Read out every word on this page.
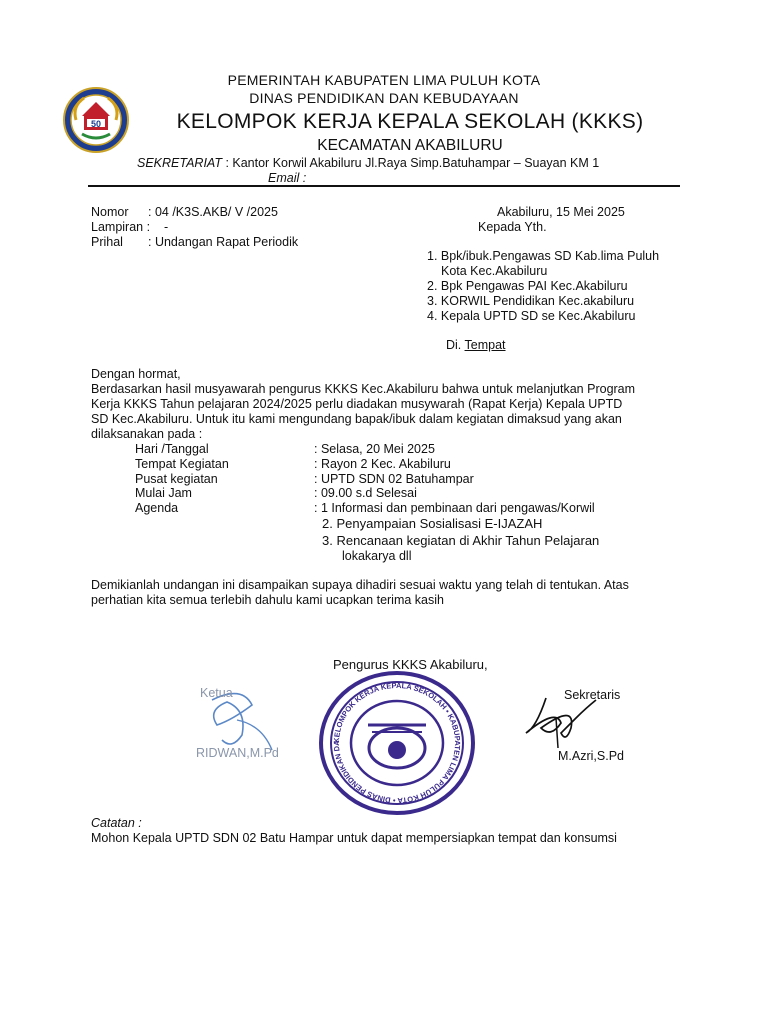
50
PEMERINTAH KABUPATEN LIMA PULUH KOTA
DINAS PENDIDIKAN DAN KEBUDAYAAN
KELOMPOK KERJA KEPALA SEKOLAH (KKKS)
KECAMATAN AKABILURU
SEKRETARIAT : Kantor Korwil Akabiluru Jl.Raya Simp.Batuhampar – Suayan KM 1
Email :
Nomor : 04 /K3S.AKB/ V /2025
Lampiran : -
Prihal : Undangan Rapat Periodik
Akabiluru, 15 Mei 2025
Kepada Yth.
1. Bpk/ibuk.Pengawas SD Kab.lima Puluh
Kota Kec.Akabiluru
2. Bpk Pengawas PAI Kec.Akabiluru
3. KORWIL Pendidikan Kec.akabiluru
4. Kepala UPTD SD se Kec.Akabiluru
Di. Tempat
Dengan hormat,
Berdasarkan hasil musyawarah pengurus KKKS Kec.Akabiluru bahwa untuk melanjutkan Program
Kerja KKKS Tahun pelajaran 2024/2025 perlu diadakan musywarah (Rapat Kerja) Kepala UPTD
SD Kec.Akabiluru. Untuk itu kami mengundang bapak/ibuk dalam kegiatan dimaksud yang akan
dilaksanakan pada :
Hari /Tanggal	: Selasa, 20 Mei 2025
Tempat Kegiatan	: Rayon 2 Kec. Akabiluru
Pusat kegiatan	: UPTD SDN 02 Batuhampar
Mulai Jam	: 09.00 s.d Selesai
Agenda	: 1 Informasi dan pembinaan dari pengawas/Korwil
2. Penyampaian Sosialisasi E-IJAZAH
3. Rencanaan kegiatan di Akhir Tahun Pelajaran
lokakarya dll
Demikianlah undangan ini disampaikan supaya dihadiri sesuai waktu yang telah di tentukan. Atas
perhatian kita semua terlebih dahulu kami ucapkan terima kasih
Pengurus KKKS Akabiluru,
Ketua
RIDWAN,M.Pd
KELOMPOK KERJA KEPALA SEKOLAH • KABUPATEN LIMA PULUH KOTA • DINAS PENDIDIKAN DA
Sekretaris
M.Azri,S.Pd
Catatan :
Mohon Kepala UPTD SDN 02 Batu Hampar untuk dapat mempersiapkan tempat dan konsumsi
